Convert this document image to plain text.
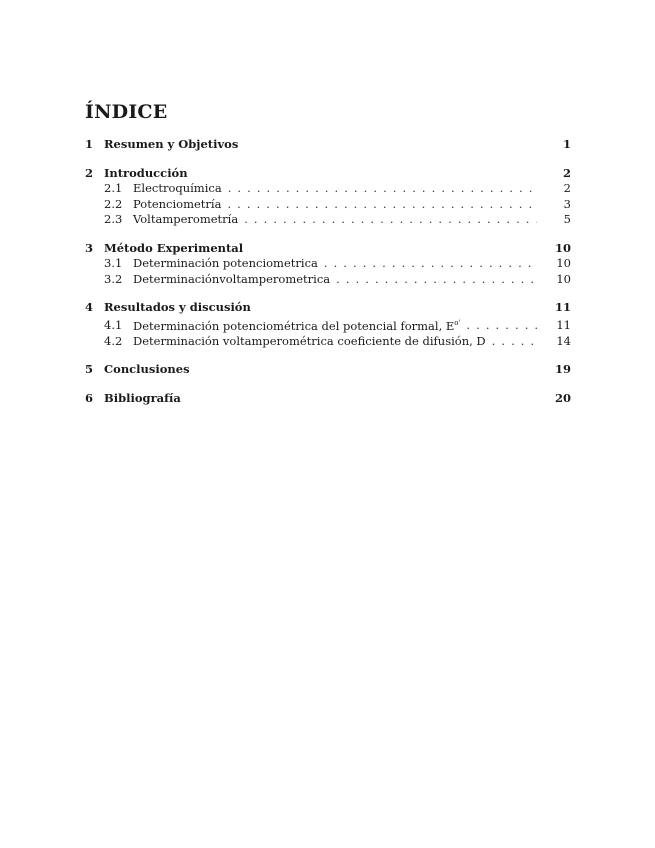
ÍNDICE
1 Resumen y Objetivos	1
2 Introducción	2
2.1 Electroquímica . . .	2
2.2 Potenciometría . . .	3
2.3 Voltamperometría . . .	5
3 Método Experimental	10
3.1 Determinación potenciometrica . . .	10
3.2 Determinaciónvoltamperometrica . . .	10
4 Resultados y discusión	11
4.1 Determinación potenciométrica del potencial formal, $E^{o'}$ . . .	11
4.2 Determinación voltamperométrica coeficiente de difusión, D . . .	14
5 Conclusiones	19
6 Bibliografía	20
